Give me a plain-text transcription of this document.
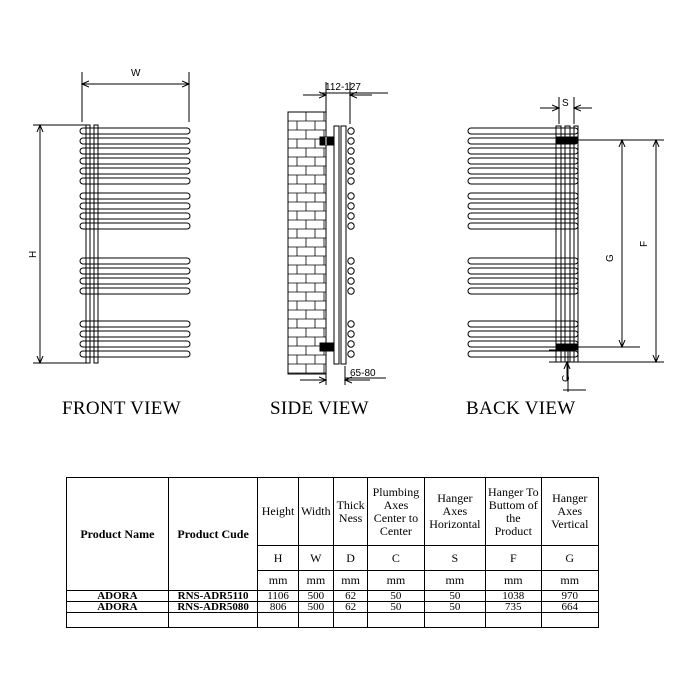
W
H
112-127
65-80
S
G
F
C
FRONT VIEW	SIDE VIEW	BACK VIEW
Product Name	Product Cude	Height	Width	Thick Ness	Plumbing Axes Center to Center	Hanger Axes Horizontal	Hanger To Buttom of the Product	Hanger Axes Vertical
		H	W	D	C	S	F	G
		mm	mm	mm	mm	mm	mm	mm
ADORA	RNS-ADR5110	1106	500	62	50	50	1038	970
ADORA	RNS-ADR5080	806	500	62	50	50	735	664
